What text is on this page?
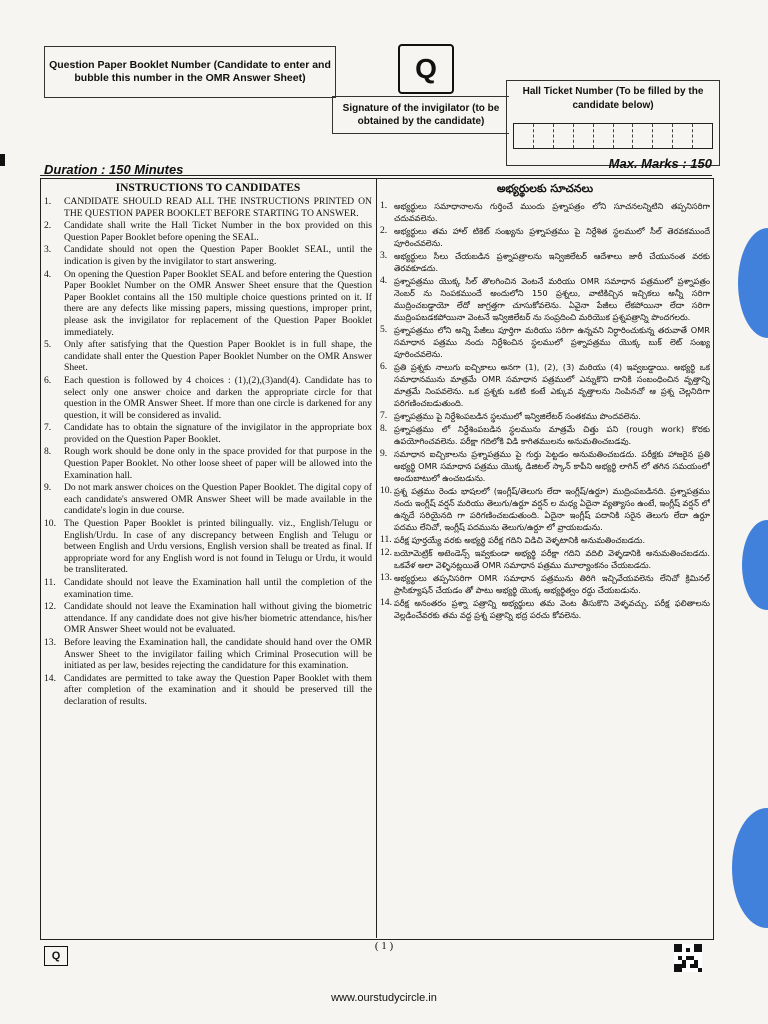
Question Paper Booklet Number (Candidate to enter and bubble this number in the OMR Answer Sheet)	Q
Signature of the invigilator (to be obtained by the candidate)
Hall Ticket Number (To be filled by the candidate below)
Duration : 150 Minutes	Max. Marks : 150
INSTRUCTIONS TO CANDIDATES
1.	CANDIDATE SHOULD READ ALL THE INSTRUCTIONS PRINTED ON THE QUESTION PAPER BOOKLET BEFORE STARTING TO ANSWER.
2.	Candidate shall write the Hall Ticket Number in the box provided on this Question Paper Booklet before opening the SEAL.
3.	Candidate should not open the Question Paper Booklet SEAL, until the indication is given by the invigilator to start answering.
4.	On opening the Question Paper Booklet SEAL and before entering the Question Paper Booklet Number on the OMR Answer Sheet ensure that the Question Paper Booklet contains all the 150 multiple choice questions printed on it. If there are any defects like missing papers, missing questions, improper print, please ask the invigilator for replacement of the Question Paper Booklet immediately.
5.	Only after satisfying that the Question Paper Booklet is in full shape, the candidate shall enter the Question Paper Booklet Number on the OMR Answer Sheet.
6.	Each question is followed by 4 choices : (1),(2),(3)and(4). Candidate has to select only one answer choice and darken the appropriate circle for that question in the OMR Answer Sheet. If more than one circle is darkened for any question, it will be considered as invalid.
7.	Candidate has to obtain the signature of the invigilator in the appropriate box provided on the Question Paper Booklet.
8.	Rough work should be done only in the space provided for that purpose in the Question Paper Booklet. No other loose sheet of paper will be allowed into the Examination hall.
9.	Do not mark answer choices on the Question Paper Booklet. The digital copy of each candidate's answered OMR Answer Sheet will be made available in the candidate's login in due course.
10. The Question Paper Booklet is printed bilingually. viz., English/Telugu or English/Urdu. In case of any discrepancy between English and Telugu or between English and Urdu versions, English version shall be treated as final. If appropriate word for any English word is not found in Telugu or Urdu, it would be transliterated.
11. Candidate should not leave the Examination hall until the completion of the examination time.
12. Candidate should not leave the Examination hall without giving the biometric attendance. If any candidate does not give his/her biometric attendance, his/her OMR Answer Sheet would not be evaluated.
13. Before leaving the Examination hall, the candidate should hand over the OMR Answer Sheet to the invigilator failing which Criminal Prosecution will be initiated as per law, besides rejecting the candidature for this examination.
14. Candidates are permitted to take away the Question Paper Booklet with them after completion of the examination and it should be preserved till the declaration of results.
అభ్యర్థులకు సూచనలు
1. అభ్యర్థులు సమాధానాలను గుర్తించే ముందు ప్రశ్నాపత్రం లోని సూచనలన్నిటిని తప్పనిసరిగా చదువవలెను.
2. అభ్యర్థులు తమ హాల్ టికెట్ సంఖ్యను ప్రశ్నాపత్రము పై నిర్దేశిత స్థలములో సీల్ తెరవకముందే పూరించవలెను.
3. అభ్యర్థులు సీలు చేయబడిన ప్రశ్నాపత్రాలను ఇన్విజిలేటర్ ఆదేశాలు జారీ చేయునంత వరకు తెరవకూడదు.
4. ప్రశ్నాపత్రము యొక్క సీల్ తొలగించిన వెంటనే మరియు OMR సమాధాన పత్రములో ప్రశ్నాపత్రం నెంబర్ ను నింపకముందే అందులోని 150 ప్రశ్నలు, వాటికిచ్చిన ఇచ్చికలు అన్నీ సరిగా ముద్రించబడ్డాయో లేదో జాగ్రత్తగా చూసుకోవలెను. ఏవైనా పేజీలు లేకపోయినా లేదా సరిగా ముద్రింపబడకపోయినా వెంటనే ఇన్విజిలేటర్ ను సంప్రదించి మరియొక ప్రశ్నపత్రాన్ని పొందగలరు.
5. ప్రశ్నాపత్రము లోని అన్ని పేజీలు పూర్తిగా మరియు సరిగా ఉన్నవని నిర్ధారించుకున్న తరువాతే OMR సమాధాన పత్రము నందు నిర్దేశించిన స్థలములో ప్రశ్నాపత్రము యొక్క బుక్ లెట్ సంఖ్య పూరించవలెను.
6. ప్రతి ప్రశ్నకు నాలుగు ఐచ్చికాలు అనగా (1), (2), (3) మరియు (4) ఇవ్వబడ్డాయి. అభ్యర్థి ఒక సమాధానమును మాత్రమే OMR సమాధాన పత్రములో ఎన్నుకొని దానికి సంబంధించిన వృత్తాన్ని మాత్రమే నింపవలెను. ఒక ప్రశ్నకు ఒకటి కంటే ఎక్కువ వృత్తాలను నింపినచో ఆ ప్రశ్న చెల్లనిదిగా పరిగణించబడుతుంది.
7. ప్రశ్నాపత్రము పై నిర్దేశింపబడిన స్థలములో ఇన్విజిలేటర్ సంతకము పొందవలెను.
8. ప్రశ్నాపత్రము లో నిర్దేశింపబడిన స్థలమును మాత్రమే చిత్తు పని (rough work) కొరకు ఉపయోగించవలెను. పరీక్షా గదిలోకి విడి కాగితములను అనుమతించబడవు.
9. సమాధాన ఐచ్చికాలను ప్రశ్నాపత్రము పై గుర్తు పెట్టడం అనుమతించబడదు. పరీక్షకు హాజరైన ప్రతి అభ్యర్థి OMR సమాధాన పత్రము యొక్క డిజిటల్ స్కాన్ కాపీని అభ్యర్థి లాగిన్ లో తగిన సమయంలో అందుబాటులో ఉంచబడును.
10. ప్రశ్న పత్రము రెండు భాషలలో (ఇంగ్లీష్/తెలుగు లేదా ఇంగ్లీష్/ఉర్దూ) ముద్రింపబడినది. ప్రశ్నాపత్రము నందు ఇంగ్లీష్ వర్షన్ మరియు తెలుగు/ఉర్దూ వర్షన్ ల మధ్య ఏదైనా వ్యత్యాసం ఉంటే, ఇంగ్లీష్ వర్షన్ లో ఉన్నదే సరియైనది గా పరిగణించబడుతుంది. ఏదైనా ఇంగ్లీష్ పదానికి సరైన తెలుగు లేదా ఉర్దూ పదము లేనిచో, ఇంగ్లీష్ పదమును తెలుగు/ఉర్దూ లో వ్రాయబడును.
11. పరీక్ష పూర్తయ్యే వరకు అభ్యర్థి పరీక్ష గదిని విడిచి వెళ్ళటానికి అనుమతించబడదు.
12. బయోమెట్రిక్ అటెండెన్స్ ఇవ్వకుండా అభ్యర్థి పరీక్షా గదిని వదిలి వెళ్ళడానికి అనుమతించబడదు. ఒకవేళ అలా వెళ్ళినట్లయితే OMR సమాధాన పత్రము మూల్యాంకనం చేయబడదు.
13. అభ్యర్థులు తప్పనిసరిగా OMR సమాధాన పత్రమును తిరిగి ఇచ్చివేయవలెను లేనిచో క్రిమినల్ ప్రాసిక్యూషన్ చేయడం తో పాటు అభ్యర్థి యొక్క అభ్యర్థిత్వం రద్దు చేయబడును.
14. పరీక్ష అనంతరం ప్రశ్నా పత్రాన్ని అభ్యర్థులు తమ వెంట తీసుకొని వెళ్ళవచ్చు. పరీక్ష ఫలితాలను వెల్లడించేవరకు తమ వద్ద ప్రశ్న పత్రాన్ని భద్ర పరచు కోవలెను.
( 1 )
Q
www.ourstudycircle.in
